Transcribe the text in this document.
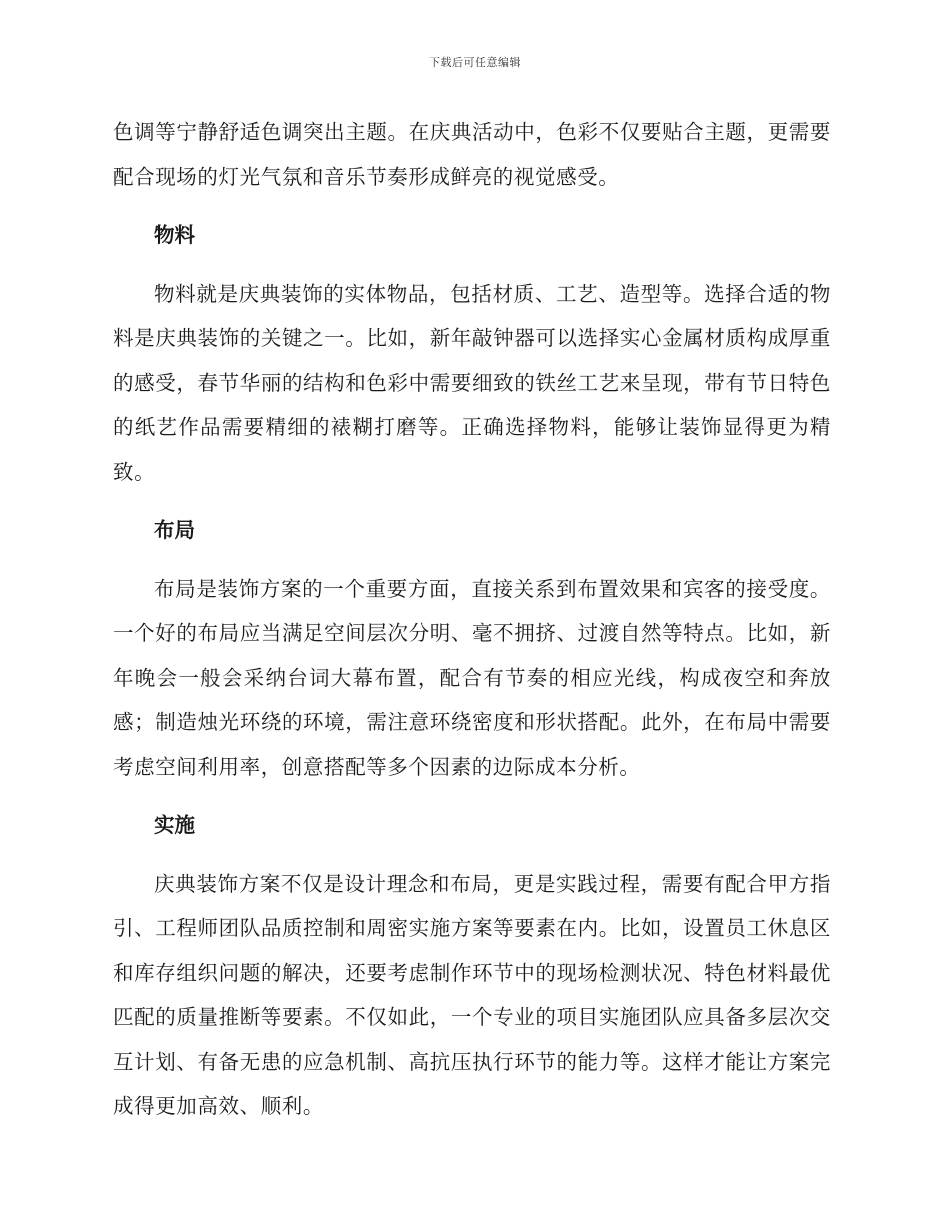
下载后可任意编辑

色调等宁静舒适色调突出主题。在庆典活动中，色彩不仅要贴合主题，更需要配合现场的灯光气氛和音乐节奏形成鲜亮的视觉感受。

物料

物料就是庆典装饰的实体物品，包括材质、工艺、造型等。选择合适的物料是庆典装饰的关键之一。比如，新年敲钟器可以选择实心金属材质构成厚重的感受，春节华丽的结构和色彩中需要细致的铁丝工艺来呈现，带有节日特色的纸艺作品需要精细的裱糊打磨等。正确选择物料，能够让装饰显得更为精致。

布局

布局是装饰方案的一个重要方面，直接关系到布置效果和宾客的接受度。一个好的布局应当满足空间层次分明、毫不拥挤、过渡自然等特点。比如，新年晚会一般会采纳台词大幕布置，配合有节奏的相应光线，构成夜空和奔放感；制造烛光环绕的环境，需注意环绕密度和形状搭配。此外，在布局中需要考虑空间利用率，创意搭配等多个因素的边际成本分析。

实施

庆典装饰方案不仅是设计理念和布局，更是实践过程，需要有配合甲方指引、工程师团队品质控制和周密实施方案等要素在内。比如，设置员工休息区和库存组织问题的解决，还要考虑制作环节中的现场检测状况、特色材料最优匹配的质量推断等要素。不仅如此，一个专业的项目实施团队应具备多层次交互计划、有备无患的应急机制、高抗压执行环节的能力等。这样才能让方案完成得更加高效、顺利。
